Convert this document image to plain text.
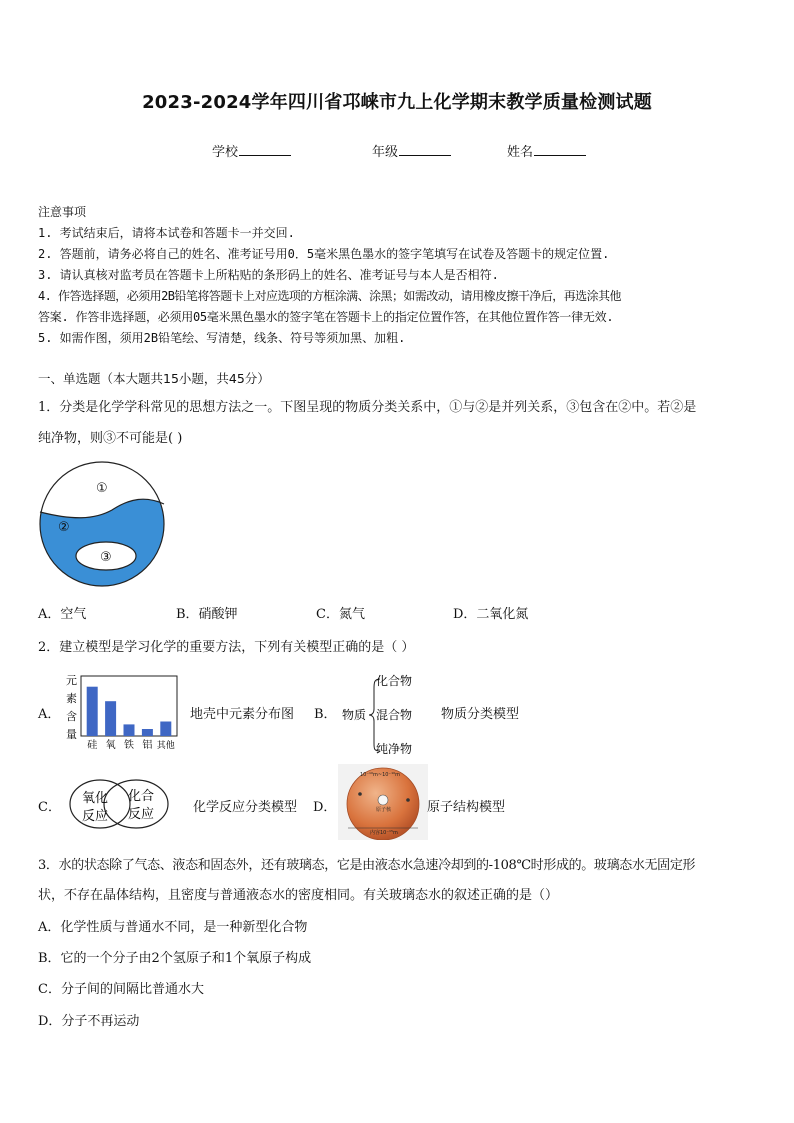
2023-2024学年四川省邛崃市九上化学期末教学质量检测试题
学校	年级	姓名
注意事项
1. 考试结束后，请将本试卷和答题卡一并交回.
2. 答题前，请务必将自己的姓名、准考证号用0．5毫米黑色墨水的签字笔填写在试卷及答题卡的规定位置.
3. 请认真核对监考员在答题卡上所粘贴的条形码上的姓名、准考证号与本人是否相符.
4. 作答选择题，必须用2B铅笔将答题卡上对应选项的方框涂满、涂黑；如需改动，请用橡皮擦干净后，再选涂其他
答案. 作答非选择题，必须用05毫米黑色墨水的签字笔在答题卡上的指定位置作答，在其他位置作答一律无效.
5. 如需作图，须用2B铅笔绘、写清楚，线条、符号等须加黑、加粗.
一、单选题（本大题共15小题，共45分）
1．分类是化学学科常见的思想方法之一。下图呈现的物质分类关系中，①与②是并列关系，③包含在②中。若②是
纯净物，则③不可能是( )
①
②
③
A．空气	B．硝酸钾	C．氮气	D．二氧化氮
2．建立模型是学习化学的重要方法，下列有关模型正确的是（ ）
A．
元
素
含
量
硅 氧 铁 铝 其他
地壳中元素分布图 B． 物质
化合物
混合物
纯净物
物质分类模型
C．
氧化
反应
化合
反应	化学反应分类模型 D．
10⁻¹⁰m~10⁻¹⁰m
原子核
内容10⁻¹⁵m
原子结构模型
3．水的状态除了气态、液态和固态外，还有玻璃态，它是由液态水急速冷却到的-108℃时形成的。玻璃态水无固定形
状，不存在晶体结构，且密度与普通液态水的密度相同。有关玻璃态水的叙述正确的是（）
A．化学性质与普通水不同，是一种新型化合物
B．它的一个分子由2个氢原子和1个氧原子构成
C．分子间的间隔比普通水大
D．分子不再运动
